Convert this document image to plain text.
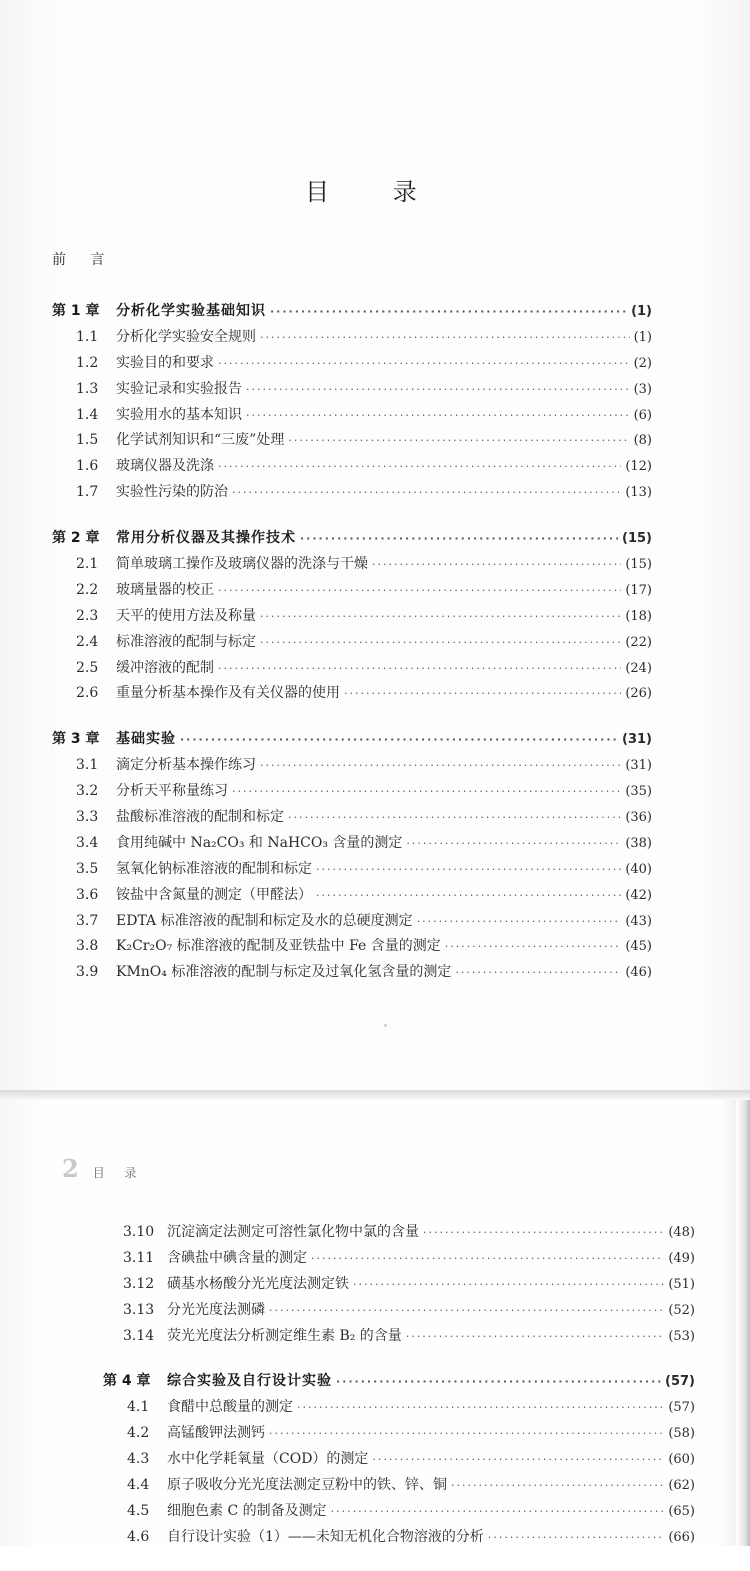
目 录
前 言
第 1 章	分析化学实验基础知识 ·····	(1)
1.1	分析化学实验安全规则 ·····	(1)
1.2	实验目的和要求 ·····	(2)
1.3	实验记录和实验报告 ·····	(3)
1.4	实验用水的基本知识 ·····	(6)
1.5	化学试剂知识和“三废”处理 ·····	(8)
1.6	玻璃仪器及洗涤 ·····	(12)
1.7	实验性污染的防治 ·····	(13)
第 2 章	常用分析仪器及其操作技术 ·····	(15)
2.1	简单玻璃工操作及玻璃仪器的洗涤与干燥 ·····	(15)
2.2	玻璃量器的校正 ·····	(17)
2.3	天平的使用方法及称量 ·····	(18)
2.4	标准溶液的配制与标定 ·····	(22)
2.5	缓冲溶液的配制 ·····	(24)
2.6	重量分析基本操作及有关仪器的使用 ·····	(26)
第 3 章	基础实验 ·····	(31)
3.1	滴定分析基本操作练习 ·····	(31)
3.2	分析天平称量练习 ·····	(35)
3.3	盐酸标准溶液的配制和标定 ·····	(36)
3.4	食用纯碱中 Na₂CO₃ 和 NaHCO₃ 含量的测定 ·····	(38)
3.5	氢氧化钠标准溶液的配制和标定 ·····	(40)
3.6	铵盐中含氮量的测定（甲醛法） ·····	(42)
3.7	EDTA 标准溶液的配制和标定及水的总硬度测定 ·····	(43)
3.8	K₂Cr₂O₇ 标准溶液的配制及亚铁盐中 Fe 含量的测定 ·····	(45)
3.9	KMnO₄ 标准溶液的配制与标定及过氧化氢含量的测定 ·····	(46)
2 目 录
3.10 沉淀滴定法测定可溶性氯化物中氯的含量 ·····	(48)
3.11 含碘盐中碘含量的测定 ·····	(49)
3.12 磺基水杨酸分光光度法测定铁 ·····	(51)
3.13 分光光度法测磷 ·····	(52)
3.14 荧光光度法分析测定维生素 B₂ 的含量 ·····	(53)
第 4 章	综合实验及自行设计实验 ·····	(57)
4.1	食醋中总酸量的测定 ·····	(57)
4.2	高锰酸钾法测钙 ·····	(58)
4.3	水中化学耗氧量（COD）的测定 ·····	(60)
4.4	原子吸收分光光度法测定豆粉中的铁、锌、铜 ·····	(62)
4.5	细胞色素 C 的制备及测定 ·····	(65)
4.6	自行设计实验（1）——未知无机化合物溶液的分析 ·····	(66)
